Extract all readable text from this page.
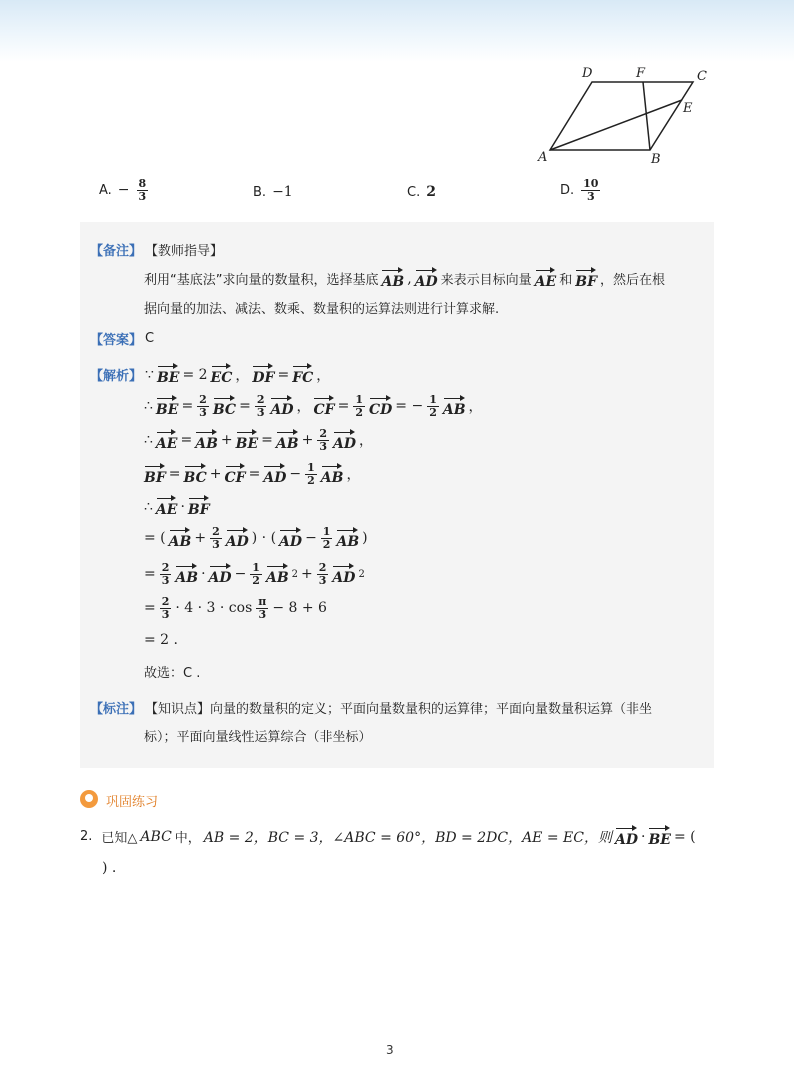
A	B
C
D
E
F
A. − $\frac{8}{3}$	B. −1	C. 2	D. $\frac{10}{3}$
【备注】 【教师指导】
利用“基底法”求向量的数量积，选择基底 AB , AD 来表示目标向量 AE 和 BF ，然后在根
据向量的加法、减法、数乘、数量积的运算法则进行计算求解.
【答案】 C
【解析】 ∵ BE = 2 EC ， DF = FC ，
∴ BE = $\frac{2}{3}$ BC = $\frac{2}{3}$ AD ， CF = $\frac{1}{2}$ CD = − $\frac{1}{2}$ AB ，
∴ AE = AB + BE = AB + $\frac{2}{3}$ AD ，
BF = BC + CF = AD − $\frac{1}{2}$ AB ，
∴ AE · BF
= ( AB + $\frac{2}{3}$ AD ) · ( AD − $\frac{1}{2}$ AB )
= $\frac{2}{3}$ AB · AD − $\frac{1}{2}$ AB $2 + \frac{2}{3}$ AD 2
= $\frac{2}{3} \cdot 4 \cdot 3 \cdot \cos \frac{\pi}{3} - 8 + 6$
= 2 .
故选：C .
【标注】 【知识点】向量的数量积的定义；平面向量数量积的运算律；平面向量数量积运算（非坐
标）；平面向量线性运算综合（非坐标）
巩固练习
2. 已知△ ABC 中， AB = 2，BC = 3，∠ABC = 60°，BD = 2DC，AE = EC，则 AD · BE = (
) .
3
